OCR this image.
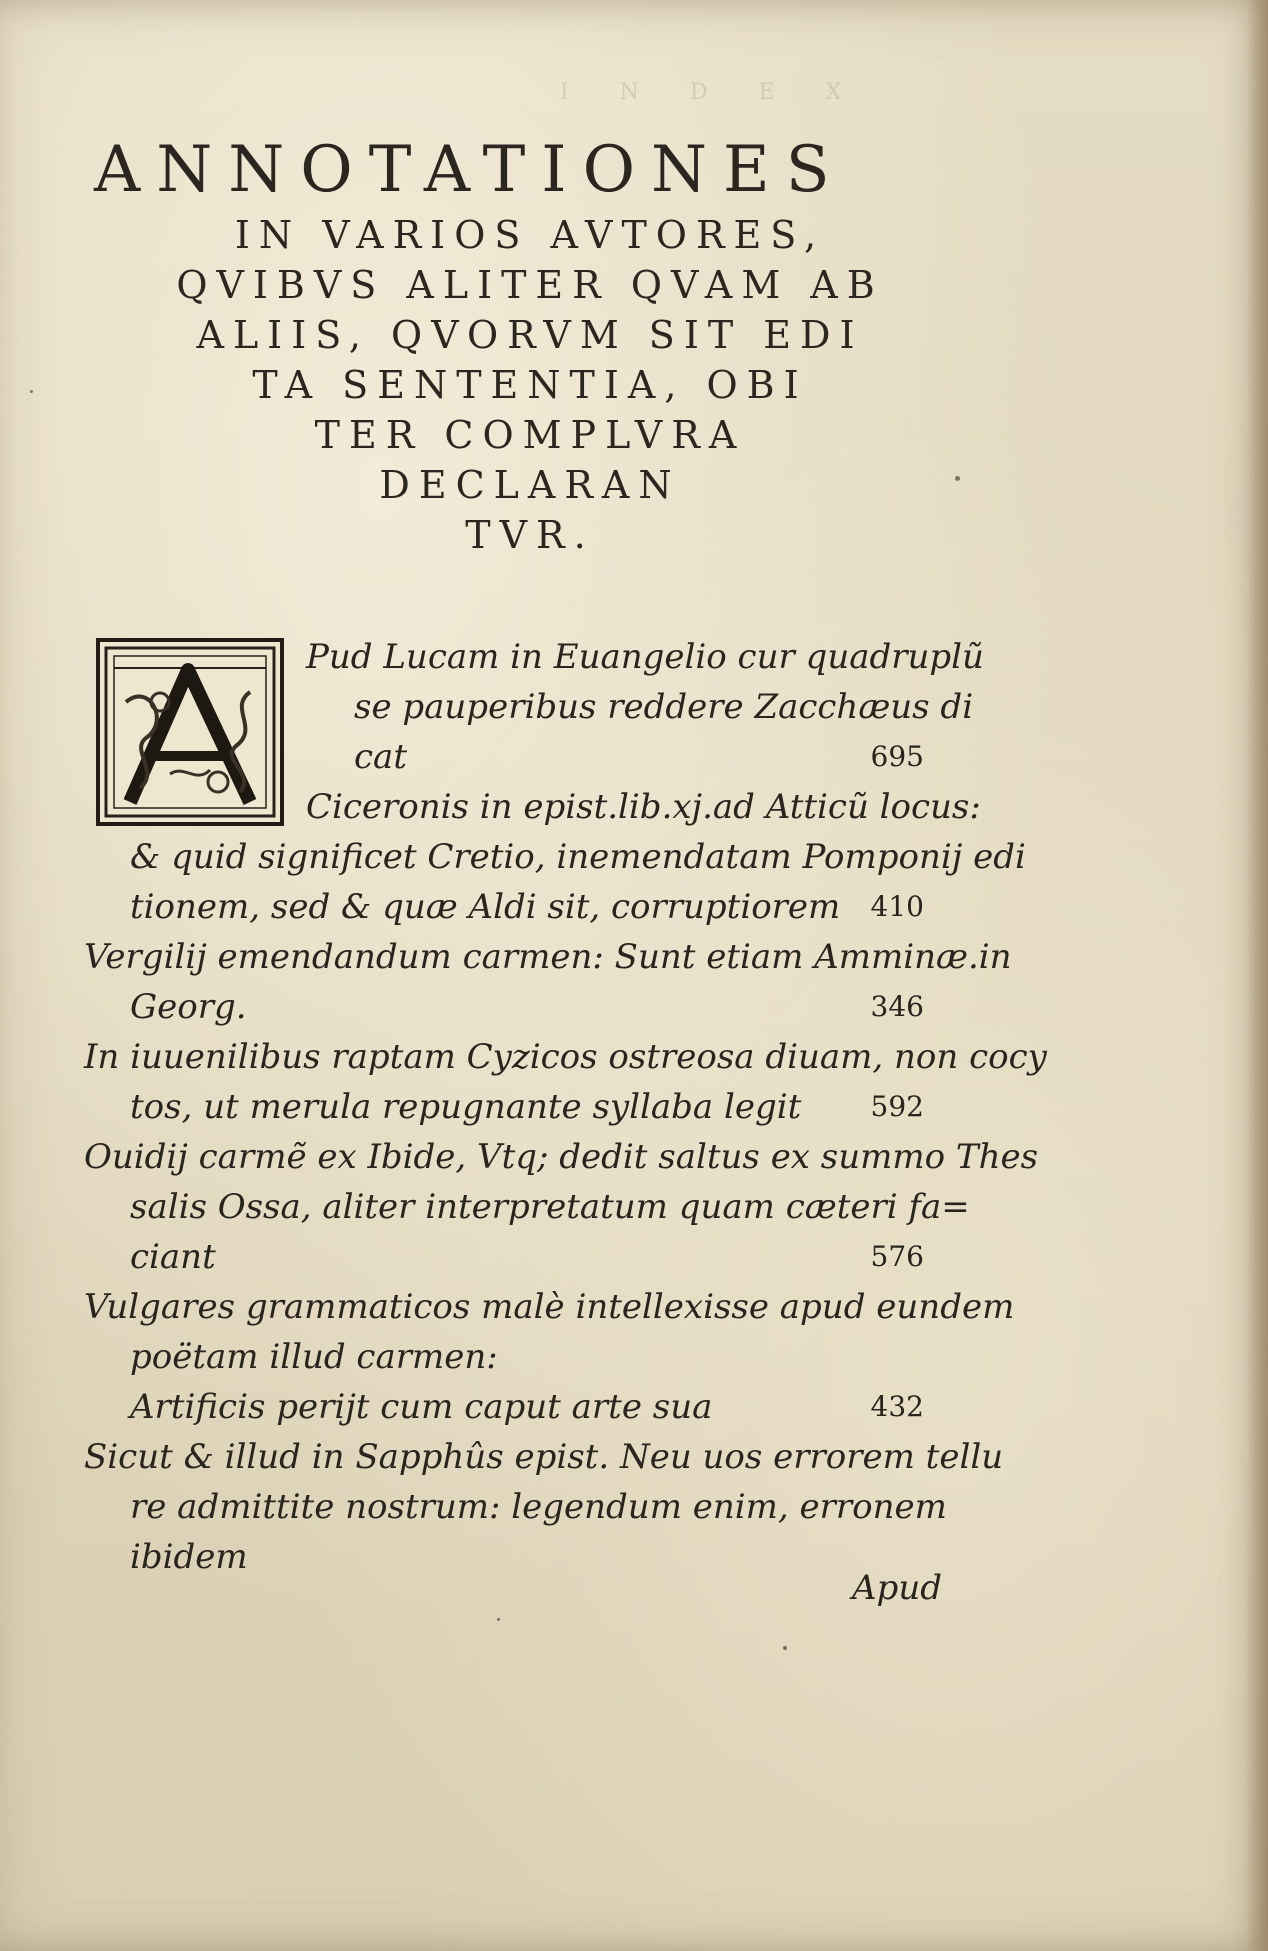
I N D E X
ANNOTATIONES

IN VARIOS AVTORES,

QVIBVS ALITER QVAM AB

ALIIS, QVORVM SIT EDI

TA SENTENTIA, OBI

TER COMPLVRA

DECLARAN

TVR.

Pud Lucam in Euangelio cur quadruplũ
se pauperibus reddere Zacchæus di
cat	695
Ciceronis in epist.lib.xj.ad Atticũ locus:
& quid significet Cretio, inemendatam Pomponij edi
tionem, sed & quæ Aldi sit, corruptiorem 410
Vergilij emendandum carmen: Sunt etiam Amminæ.in
Georg.	346
In iuuenilibus raptam Cyzicos ostreosa diuam, non cocy
tos, ut merula repugnante syllaba legit 592
Ouidij carmẽ ex Ibide, Vtq; dedit saltus ex summo Thes
salis Ossa, aliter interpretatum quam cæteri fa=
ciant	576
Vulgares grammaticos malè intellexisse apud eundem
poëtam illud carmen:
Artificis perijt cum caput arte sua	432
Sicut & illud in Sapphûs epist. Neu uos errorem tellu
re admittite nostrum: legendum enim, erronem
ibidem
Apud
